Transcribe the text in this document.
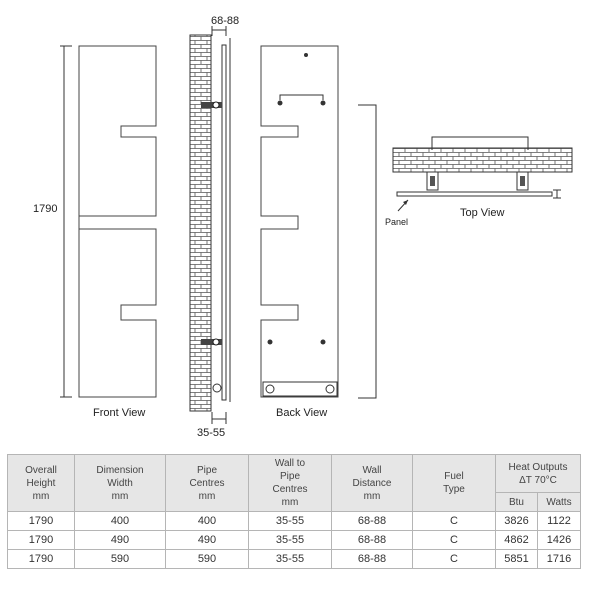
1790
Front View
68-88
35-55
Back View
Panel
Top View
Overall
Height
mm	Dimension
Width
mm	Pipe
Centres
mm	Wall to
Pipe
Centres
mm	Wall
Distance
mm	Fuel
Type	Heat Outputs
ΔT 70°C	

						Btu	Watts
1790	400	400	35-55	68-88	C	3826	1122
1790	490	490	35-55	68-88	C	4862	1426
1790	590	590	35-55	68-88	C	5851	1716
